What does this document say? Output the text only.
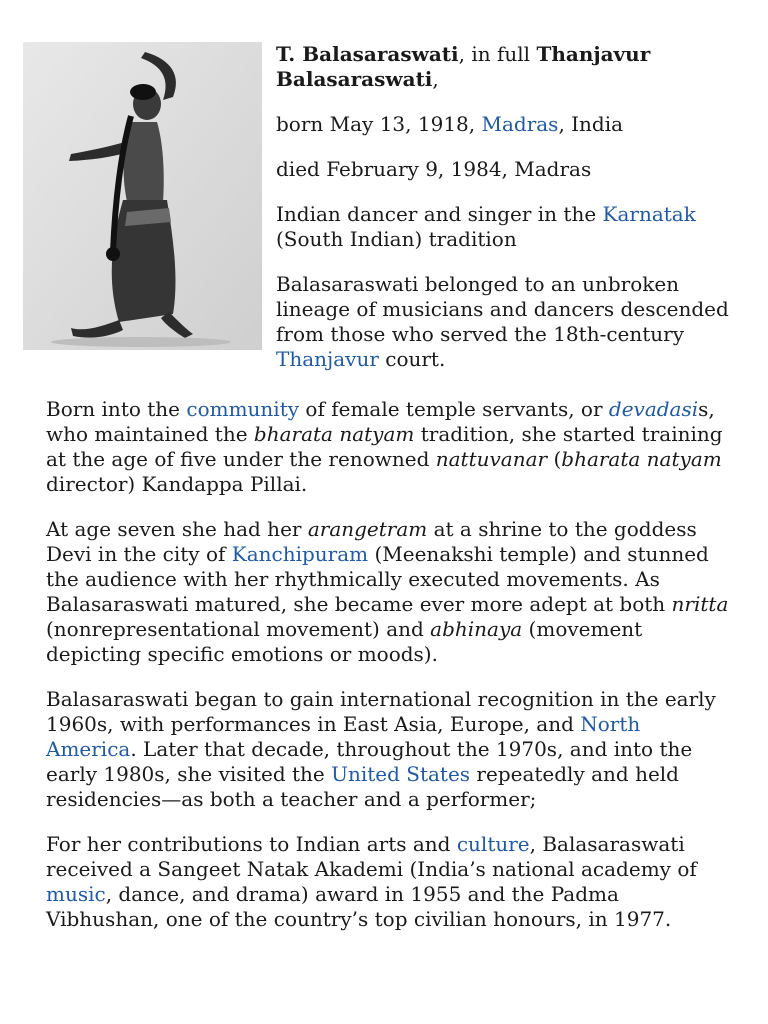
T. Balasaraswati, in full Thanjavur Balasaraswati,

born May 13, 1918, Madras, India

died February 9, 1984, Madras

Indian dancer and singer in the Karnatak (South Indian) tradition

Balasaraswati belonged to an unbroken lineage of musicians and dancers descended from those who served the 18th-century Thanjavur court.

Born into the community of female temple servants, or devadasis, who maintained the bharata natyam tradition, she started training at the age of five under the renowned nattuvanar (bharata natyam director) Kandappa Pillai.

At age seven she had her arangetram at a shrine to the goddess Devi in the city of Kanchipuram (Meenakshi temple) and stunned the audience with her rhythmically executed movements. As Balasaraswati matured, she became ever more adept at both nritta (nonrepresentational movement) and abhinaya (movement depicting specific emotions or moods).

Balasaraswati began to gain international recognition in the early 1960s, with performances in East Asia, Europe, and North America. Later that decade, throughout the 1970s, and into the early 1980s, she visited the United States repeatedly and held residencies—as both a teacher and a performer;

For her contributions to Indian arts and culture, Balasaraswati received a Sangeet Natak Akademi (India’s national academy of music, dance, and drama) award in 1955 and the Padma Vibhushan, one of the country’s top civilian honours, in 1977.
